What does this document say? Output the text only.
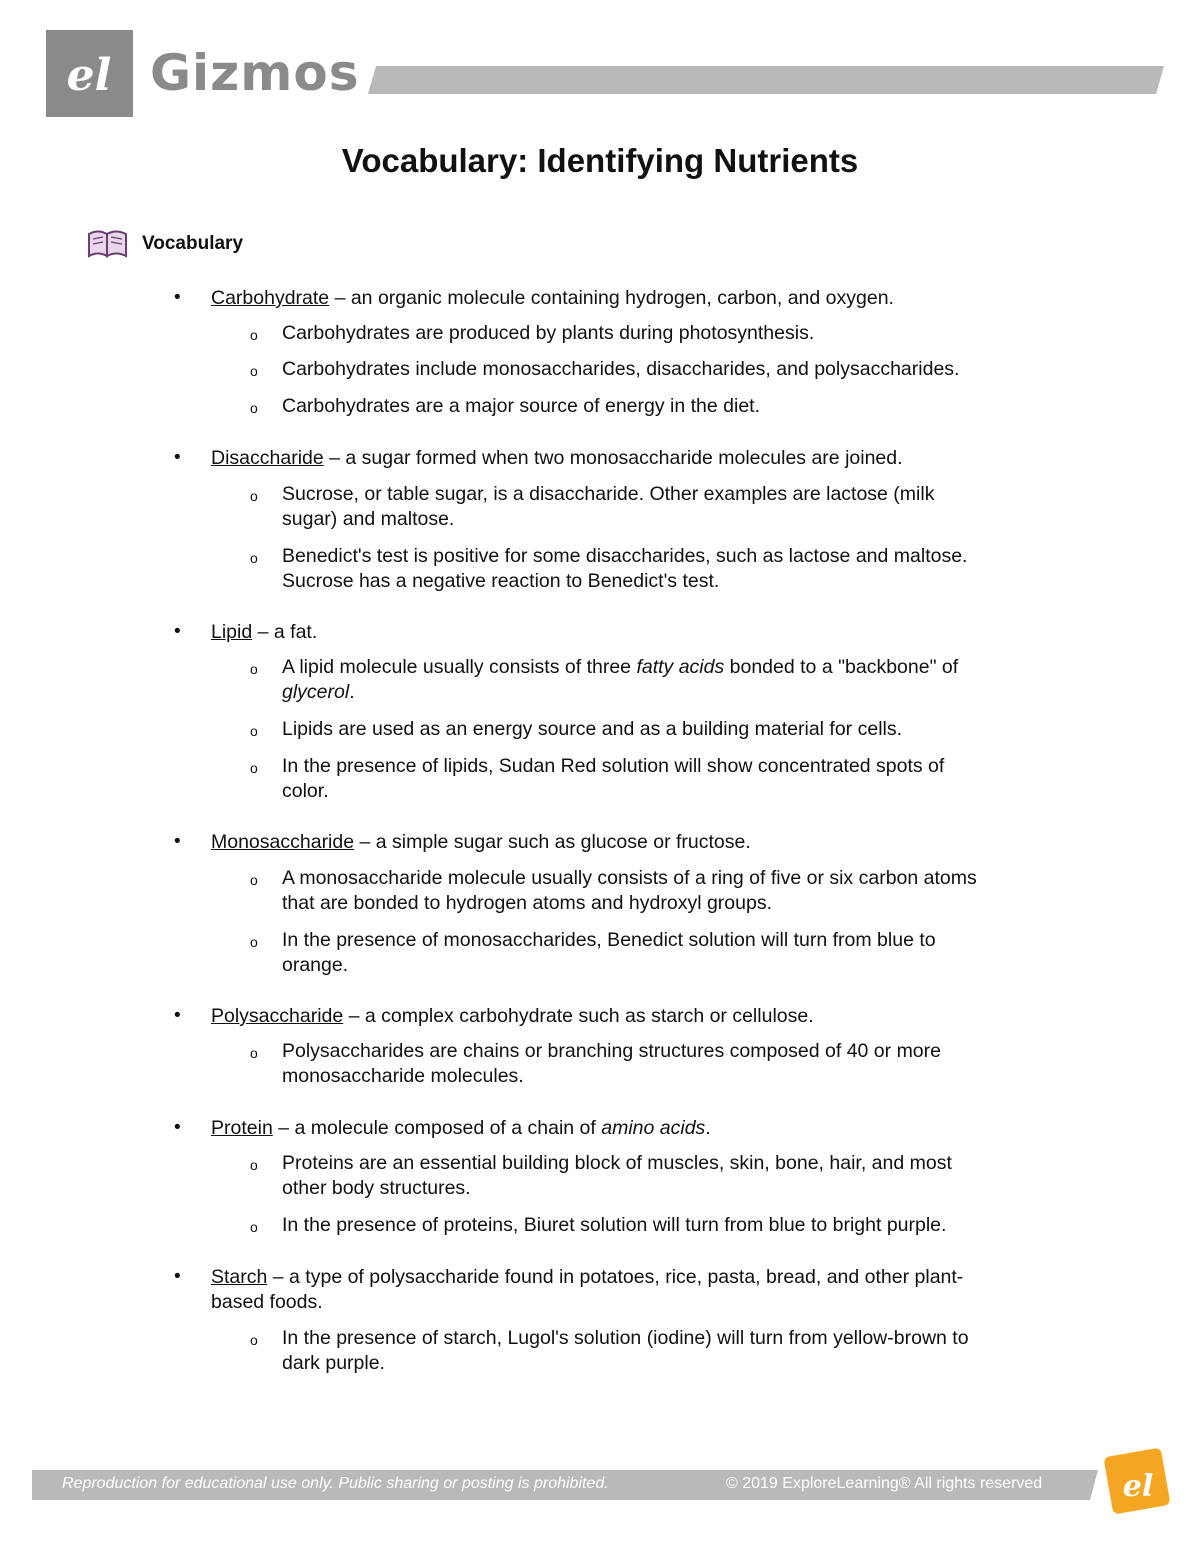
el Gizmos
Vocabulary: Identifying Nutrients
Vocabulary
• Carbohydrate – an organic molecule containing hydrogen, carbon, and oxygen.
o Carbohydrates are produced by plants during photosynthesis.
o Carbohydrates include monosaccharides, disaccharides, and polysaccharides.
o Carbohydrates are a major source of energy in the diet.
• Disaccharide – a sugar formed when two monosaccharide molecules are joined.
o Sucrose, or table sugar, is a disaccharide. Other examples are lactose (milk
sugar) and maltose.
o Benedict's test is positive for some disaccharides, such as lactose and maltose.
Sucrose has a negative reaction to Benedict's test.
• Lipid – a fat.
o A lipid molecule usually consists of three fatty acids bonded to a "backbone" of
glycerol.
o Lipids are used as an energy source and as a building material for cells.
o In the presence of lipids, Sudan Red solution will show concentrated spots of
color.
• Monosaccharide – a simple sugar such as glucose or fructose.
o A monosaccharide molecule usually consists of a ring of five or six carbon atoms
that are bonded to hydrogen atoms and hydroxyl groups.
o In the presence of monosaccharides, Benedict solution will turn from blue to
orange.
• Polysaccharide – a complex carbohydrate such as starch or cellulose.
o Polysaccharides are chains or branching structures composed of 40 or more
monosaccharide molecules.
• Protein – a molecule composed of a chain of amino acids.
o Proteins are an essential building block of muscles, skin, bone, hair, and most
other body structures.
o In the presence of proteins, Biuret solution will turn from blue to bright purple.
• Starch – a type of polysaccharide found in potatoes, rice, pasta, bread, and other plant-
based foods.
o In the presence of starch, Lugol's solution (iodine) will turn from yellow-brown to
dark purple.
Reproduction for educational use only. Public sharing or posting is prohibited.	© 2019 ExploreLearning® All rights reserved	el
